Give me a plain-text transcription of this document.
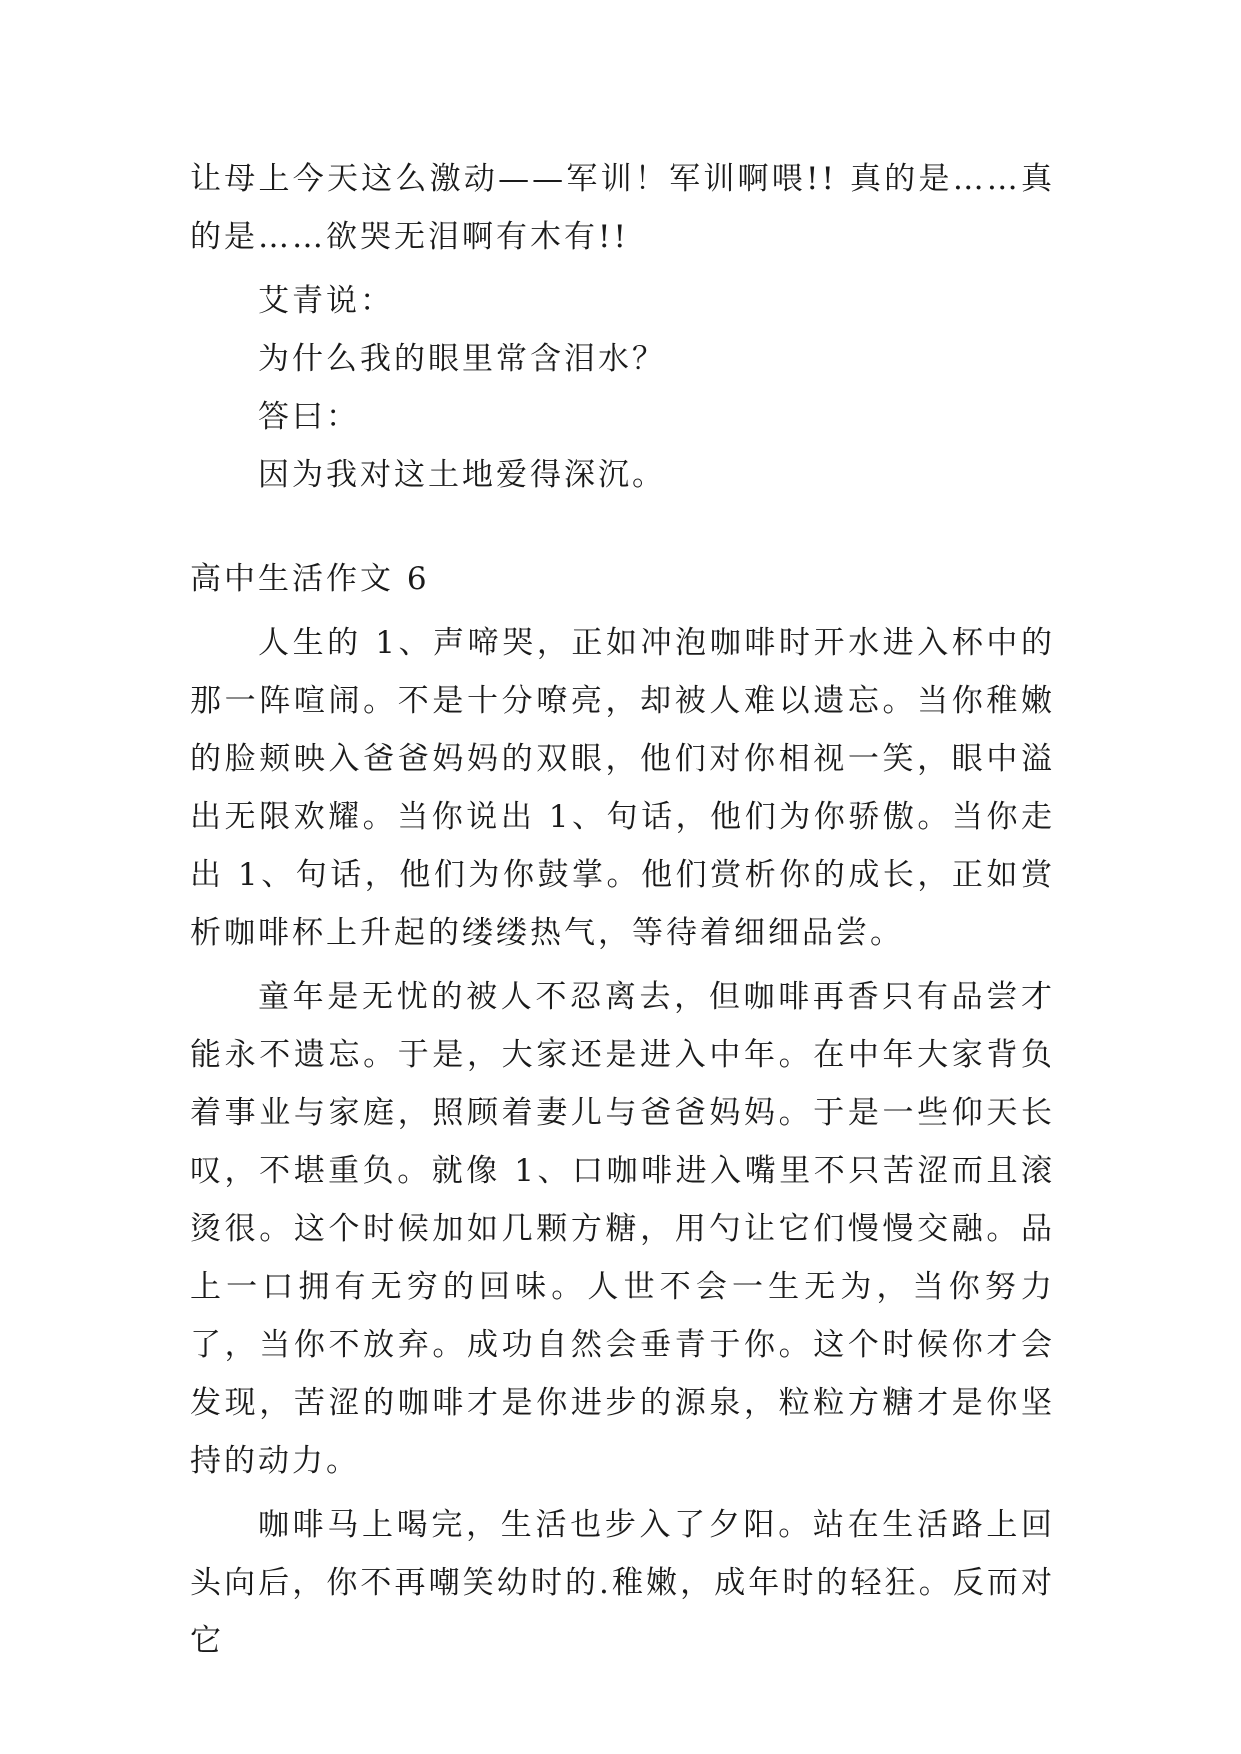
让母上今天这么激动——军训！军训啊喂!! 真的是……真的是……欲哭无泪啊有木有!!

艾青说：

为什么我的眼里常含泪水？

答曰：

因为我对这土地爱得深沉。

高中生活作文 6

人生的 1、声啼哭，正如冲泡咖啡时开水进入杯中的那一阵喧闹。不是十分嘹亮，却被人难以遗忘。当你稚嫩的脸颊映入爸爸妈妈的双眼，他们对你相视一笑，眼中溢出无限欢耀。当你说出 1、句话，他们为你骄傲。当你走出 1、句话，他们为你鼓掌。他们赏析你的成长，正如赏析咖啡杯上升起的缕缕热气，等待着细细品尝。

童年是无忧的被人不忍离去，但咖啡再香只有品尝才能永不遗忘。于是，大家还是进入中年。在中年大家背负着事业与家庭，照顾着妻儿与爸爸妈妈。于是一些仰天长叹，不堪重负。就像 1、口咖啡进入嘴里不只苦涩而且滚烫很。这个时候加如几颗方糖，用勺让它们慢慢交融。品上一口拥有无穷的回味。人世不会一生无为，当你努力了，当你不放弃。成功自然会垂青于你。这个时候你才会发现，苦涩的咖啡才是你进步的源泉，粒粒方糖才是你坚持的动力。

咖啡马上喝完，生活也步入了夕阳。站在生活路上回头向后，你不再嘲笑幼时的.稚嫩，成年时的轻狂。反而对它
